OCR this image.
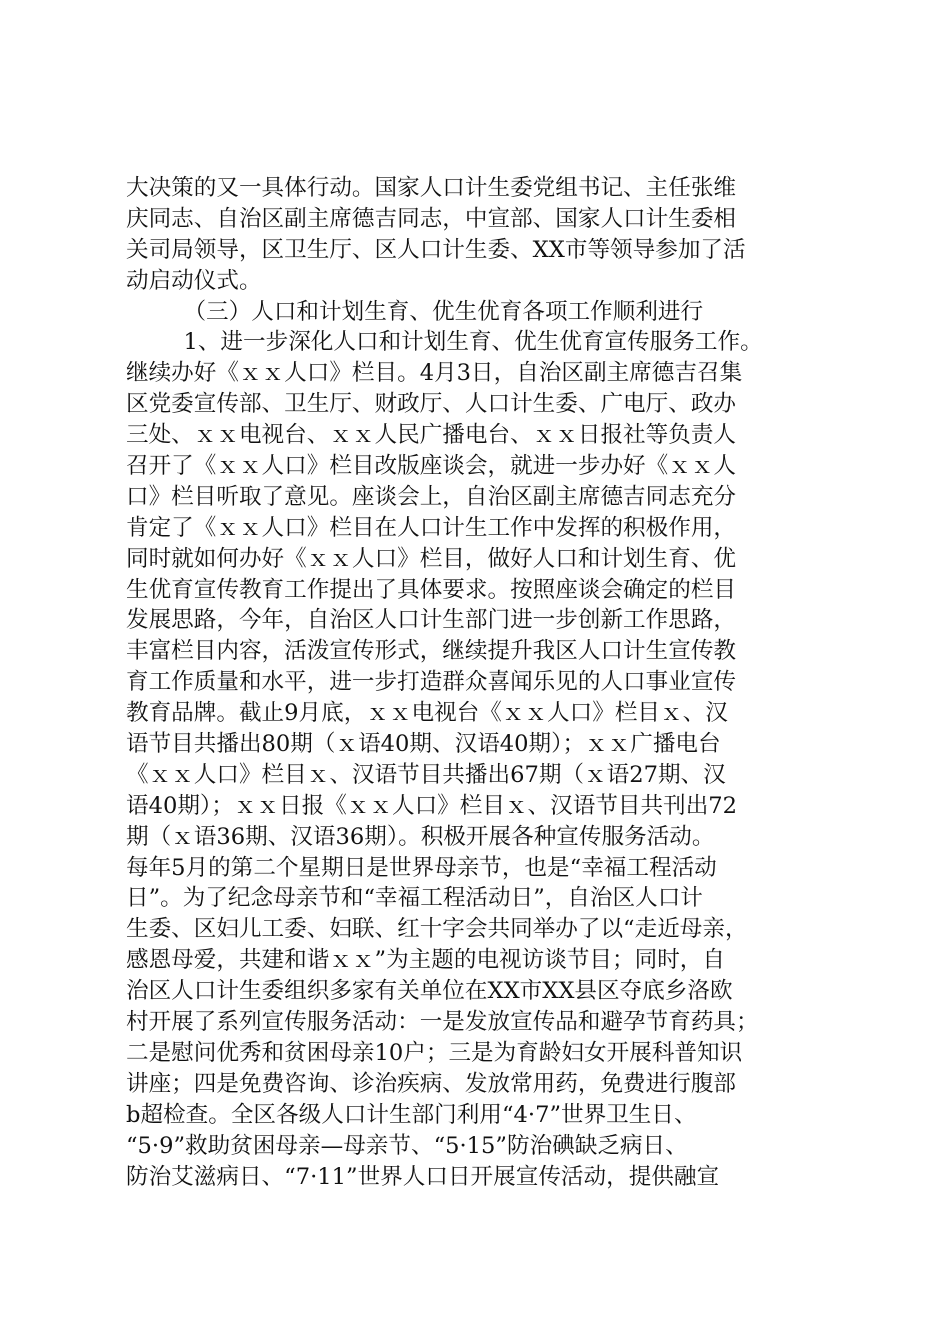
大决策的又一具体行动。国家人口计生委党组书记、主任张维
庆同志、自治区副主席德吉同志，中宣部、国家人口计生委相
关司局领导，区卫生厅、区人口计生委、XX市等领导参加了活
动启动仪式。
（三）人口和计划生育、优生优育各项工作顺利进行
1、进一步深化人口和计划生育、优生优育宣传服务工作。
继续办好《ｘｘ人口》栏目。4月3日，自治区副主席德吉召集
区党委宣传部、卫生厅、财政厅、人口计生委、广电厅、政办
三处、ｘｘ电视台、ｘｘ人民广播电台、ｘｘ日报社等负责人
召开了《ｘｘ人口》栏目改版座谈会，就进一步办好《ｘｘ人
口》栏目听取了意见。座谈会上，自治区副主席德吉同志充分
肯定了《ｘｘ人口》栏目在人口计生工作中发挥的积极作用，
同时就如何办好《ｘｘ人口》栏目，做好人口和计划生育、优
生优育宣传教育工作提出了具体要求。按照座谈会确定的栏目
发展思路，今年，自治区人口计生部门进一步创新工作思路，
丰富栏目内容，活泼宣传形式，继续提升我区人口计生宣传教
育工作质量和水平，进一步打造群众喜闻乐见的人口事业宣传
教育品牌。截止9月底，ｘｘ电视台《ｘｘ人口》栏目ｘ、汉
语节目共播出80期（ｘ语40期、汉语40期）；ｘｘ广播电台
《ｘｘ人口》栏目ｘ、汉语节目共播出67期（ｘ语27期、汉
语40期）；ｘｘ日报《ｘｘ人口》栏目ｘ、汉语节目共刊出72
期（ｘ语36期、汉语36期）。积极开展各种宣传服务活动。
每年5月的第二个星期日是世界母亲节，也是“幸福工程活动
日”。为了纪念母亲节和“幸福工程活动日”，自治区人口计
生委、区妇儿工委、妇联、红十字会共同举办了以“走近母亲，
感恩母爱，共建和谐ｘｘ”为主题的电视访谈节目；同时，自
治区人口计生委组织多家有关单位在XX市XX县区夺底乡洛欧
村开展了系列宣传服务活动：一是发放宣传品和避孕节育药具；
二是慰问优秀和贫困母亲10户；三是为育龄妇女开展科普知识
讲座；四是免费咨询、诊治疾病、发放常用药，免费进行腹部
b超检查。全区各级人口计生部门利用“4·7”世界卫生日、
“5·9”救助贫困母亲—母亲节、“5·15”防治碘缺乏病日、
防治艾滋病日、“7·11”世界人口日开展宣传活动，提供融宣
